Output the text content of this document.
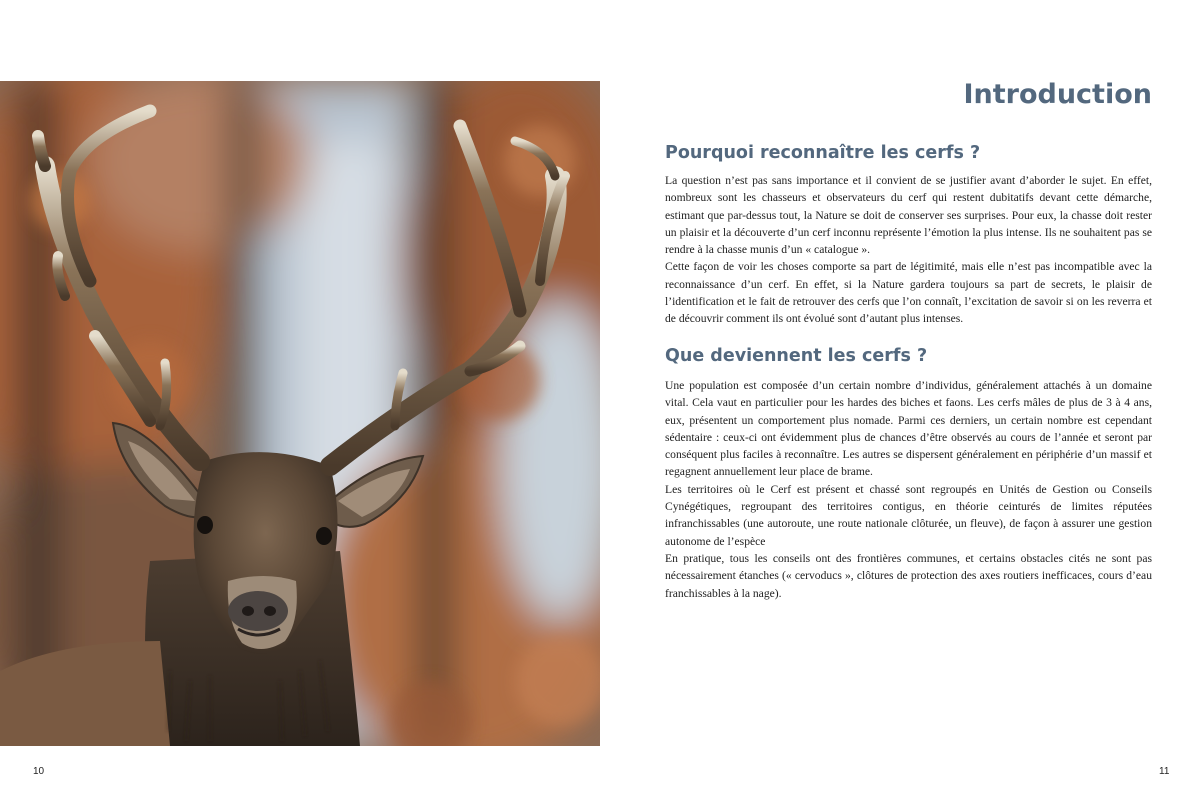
10	11
Introduction
Pourquoi reconnaître les cerfs ?

La question n’est pas sans importance et il convient de se justifier avant d’aborder le sujet. En effet, nombreux sont les chasseurs et observateurs du cerf qui restent dubitatifs devant cette démarche, estimant que par-dessus tout, la Nature se doit de conserver ses surprises. Pour eux, la chasse doit rester un plaisir et la découverte d’un cerf inconnu représente l’émotion la plus intense. Ils ne souhaitent pas se rendre à la chasse munis d’un « catalogue ».

Cette façon de voir les choses comporte sa part de légitimité, mais elle n’est pas incompatible avec la reconnaissance d’un cerf. En effet, si la Nature gardera toujours sa part de secrets, le plaisir de l’identification et le fait de retrouver des cerfs que l’on connaît, l’excitation de savoir si on les reverra et de découvrir comment ils ont évolué sont d’autant plus intenses.

Que deviennent les cerfs ?

Une population est composée d’un certain nombre d’individus, généralement attachés à un domaine vital. Cela vaut en particulier pour les hardes des biches et faons. Les cerfs mâles de plus de 3 à 4 ans, eux, présentent un comportement plus nomade. Parmi ces derniers, un certain nombre est cependant sédentaire : ceux-ci ont évidemment plus de chances d’être observés au cours de l’année et seront par conséquent plus faciles à reconnaître. Les autres se dispersent généralement en périphérie d’un massif et regagnent annuellement leur place de brame.

Les territoires où le Cerf est présent et chassé sont regroupés en Unités de Gestion ou Conseils Cynégétiques, regroupant des territoires contigus, en théorie ceinturés de limites réputées infranchissables (une autoroute, une route nationale clôturée, un fleuve), de façon à assurer une gestion autonome de l’espèce

En pratique, tous les conseils ont des frontières communes, et certains obstacles cités ne sont pas nécessairement étanches (« cervoducs », clôtures de protection des axes routiers inefficaces, cours d’eau franchissables à la nage).
